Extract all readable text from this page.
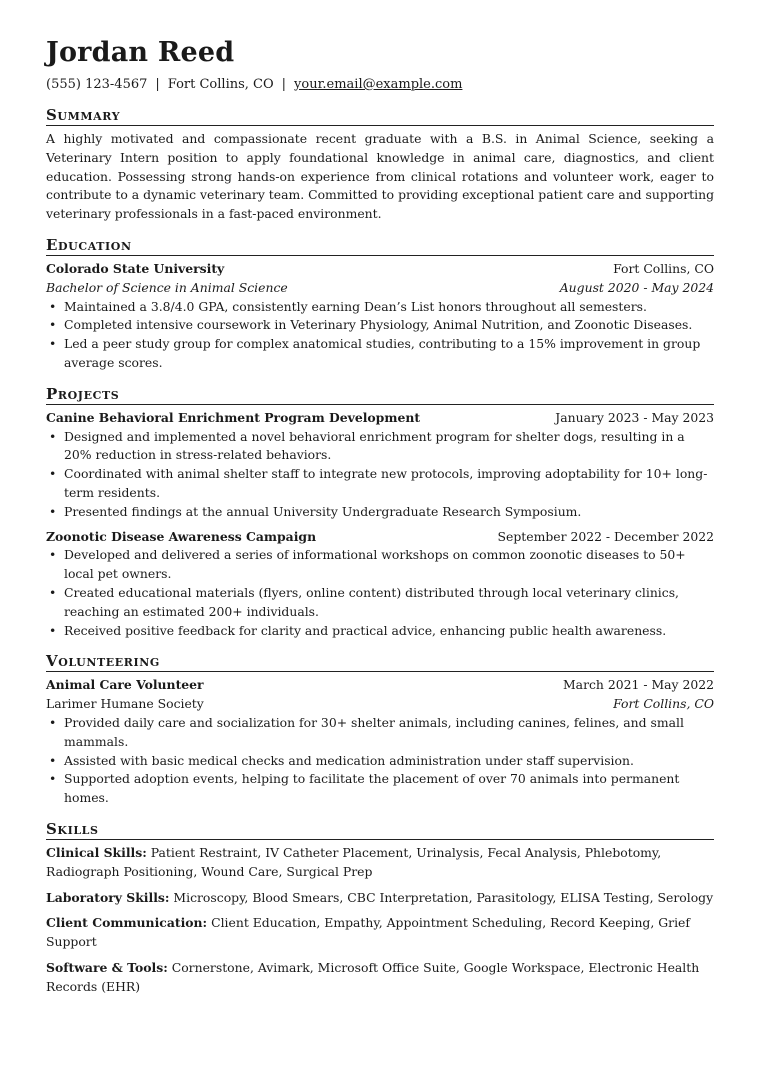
Jordan Reed
(555) 123-4567 | Fort Collins, CO | your.email@example.com
Summary

A highly motivated and compassionate recent graduate with a B.S. in Animal Science, seeking a Veterinary Intern position to apply foundational knowledge in animal care, diagnostics, and client education. Possessing strong hands-on experience from clinical rotations and volunteer work, eager to contribute to a dynamic veterinary team. Committed to providing exceptional patient care and supporting veterinary professionals in a fast-paced environment.

Education
Colorado State University	Fort Collins, CO
Bachelor of Science in Animal Science	August 2020 - May 2024
• Maintained a 3.8/4.0 GPA, consistently earning Dean’s List honors throughout all semesters.
• Completed intensive coursework in Veterinary Physiology, Animal Nutrition, and Zoonotic Diseases.
• Led a peer study group for complex anatomical studies, contributing to a 15% improvement in group average scores.
Projects
Canine Behavioral Enrichment Program Development	January 2023 - May 2023
• Designed and implemented a novel behavioral enrichment program for shelter dogs, resulting in a 20% reduction in stress-related behaviors.
• Coordinated with animal shelter staff to integrate new protocols, improving adoptability for 10+ long-term residents.
• Presented findings at the annual University Undergraduate Research Symposium.
Zoonotic Disease Awareness Campaign	September 2022 - December 2022
• Developed and delivered a series of informational workshops on common zoonotic diseases to 50+ local pet owners.
• Created educational materials (flyers, online content) distributed through local veterinary clinics, reaching an estimated 200+ individuals.
• Received positive feedback for clarity and practical advice, enhancing public health awareness.
Volunteering
Animal Care Volunteer	March 2021 - May 2022
Larimer Humane Society	Fort Collins, CO
• Provided daily care and socialization for 30+ shelter animals, including canines, felines, and small mammals.
• Assisted with basic medical checks and medication administration under staff supervision.
• Supported adoption events, helping to facilitate the placement of over 70 animals into permanent homes.
Skills
Clinical Skills: Patient Restraint, IV Catheter Placement, Urinalysis, Fecal Analysis, Phlebotomy, Radiograph Positioning, Wound Care, Surgical Prep
Laboratory Skills: Microscopy, Blood Smears, CBC Interpretation, Parasitology, ELISA Testing, Serology
Client Communication: Client Education, Empathy, Appointment Scheduling, Record Keeping, Grief Support
Software & Tools: Cornerstone, Avimark, Microsoft Office Suite, Google Workspace, Electronic Health Records (EHR)
